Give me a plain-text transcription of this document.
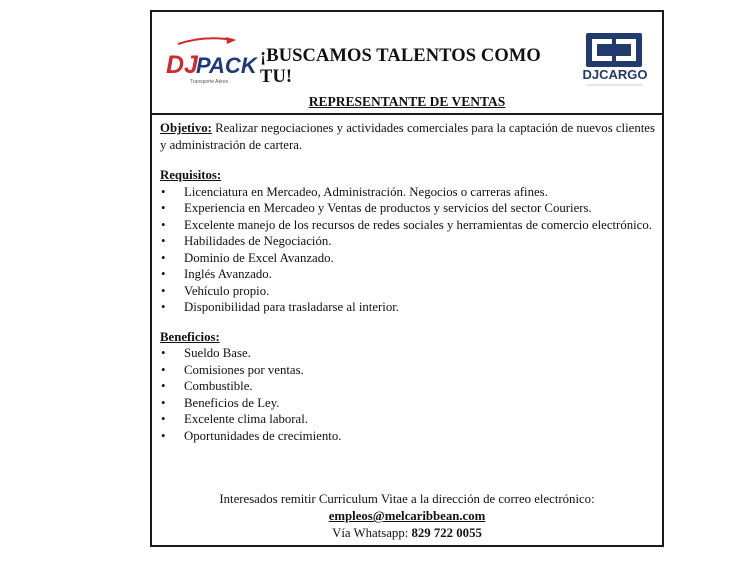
DJ
PACK
Transporte Aéreo
¡BUSCAMOS TALENTOS COMO TU!	DJCARGO
REPRESENTANTE DE VENTAS

Objetivo: Realizar negociaciones y actividades comerciales para la captación de nuevos clientes y administración de cartera.

Requisitos:

• Licenciatura en Mercadeo, Administración. Negocios o carreras afines.
• Experiencia en Mercadeo y Ventas de productos y servicios del sector Couriers.
• Excelente manejo de los recursos de redes sociales y herramientas de comercio electrónico.
• Habilidades de Negociación.
• Dominio de Excel Avanzado.
• Inglés Avanzado.
• Vehículo propio.
• Disponibilidad para trasladarse al interior.

Beneficios:

• Sueldo Base.
• Comisiones por ventas.
• Combustible.
• Beneficios de Ley.
• Excelente clima laboral.
• Oportunidades de crecimiento.
Interesados remitir Curriculum Vitae a la dirección de correo electrónico:
empleos@melcaribbean.com
Vía Whatsapp: 829 722 0055
